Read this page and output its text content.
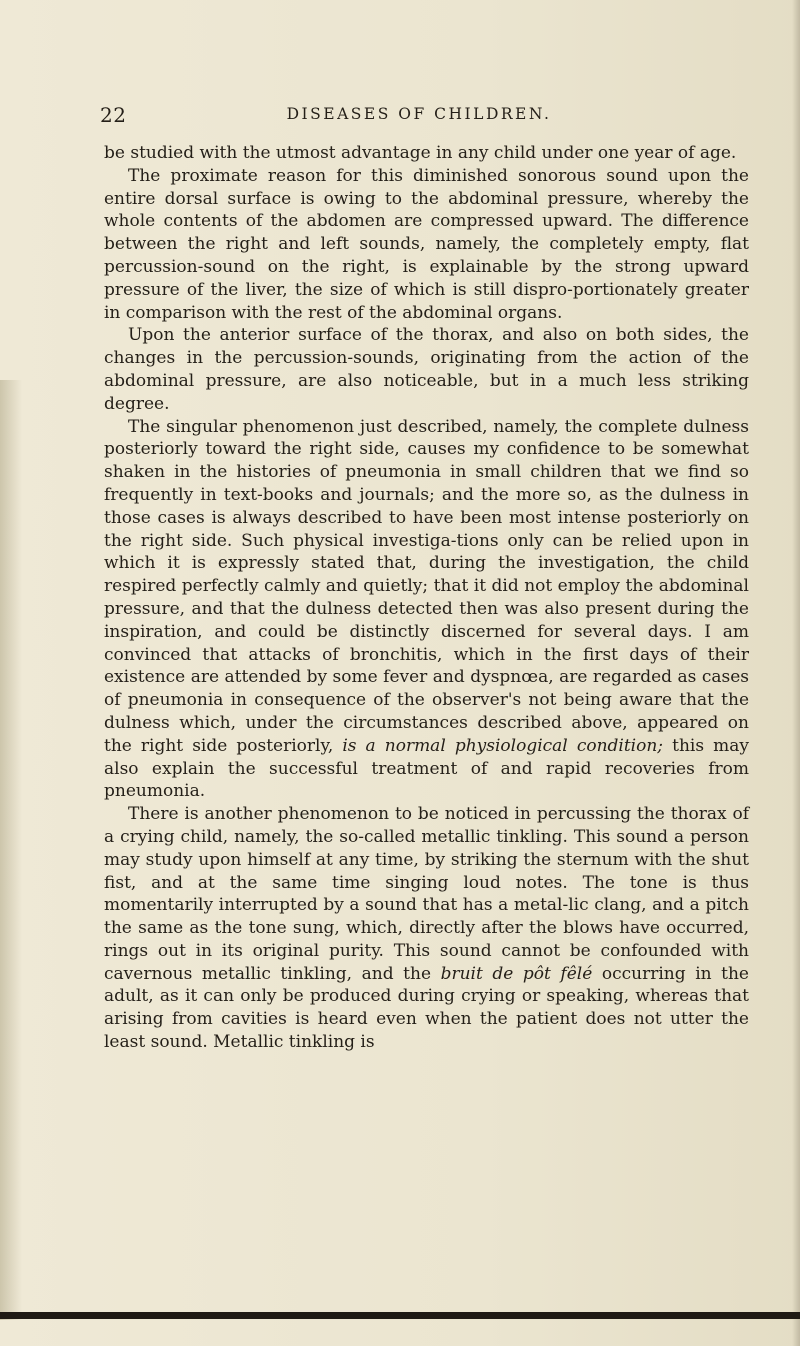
22	DISEASES OF CHILDREN.

be studied with the utmost advantage in any child under one year of age.

The proximate reason for this diminished sonorous sound upon the entire dorsal surface is owing to the abdominal pressure, whereby the whole contents of the abdomen are compressed upward. The difference between the right and left sounds, namely, the completely empty, flat percussion-sound on the right, is explainable by the strong upward pressure of the liver, the size of which is still dispro-portionately greater in comparison with the rest of the abdominal organs.

Upon the anterior surface of the thorax, and also on both sides, the changes in the percussion-sounds, originating from the action of the abdominal pressure, are also noticeable, but in a much less striking degree.

The singular phenomenon just described, namely, the complete dulness posteriorly toward the right side, causes my confidence to be somewhat shaken in the histories of pneumonia in small children that we find so frequently in text-books and journals; and the more so, as the dulness in those cases is always described to have been most intense posteriorly on the right side. Such physical investiga-tions only can be relied upon in which it is expressly stated that, during the investigation, the child respired perfectly calmly and quietly; that it did not employ the abdominal pressure, and that the dulness detected then was also present during the inspiration, and could be distinctly discerned for several days. I am convinced that attacks of bronchitis, which in the first days of their existence are attended by some fever and dyspnœa, are regarded as cases of pneumonia in consequence of the observer's not being aware that the dulness which, under the circumstances described above, appeared on the right side posteriorly, is a normal physiological condition; this may also explain the successful treatment of and rapid recoveries from pneumonia.

There is another phenomenon to be noticed in percussing the thorax of a crying child, namely, the so-called metallic tinkling. This sound a person may study upon himself at any time, by striking the sternum with the shut fist, and at the same time singing loud notes. The tone is thus momentarily interrupted by a sound that has a metal-lic clang, and a pitch the same as the tone sung, which, directly after the blows have occurred, rings out in its original purity. This sound cannot be confounded with cavernous metallic tinkling, and the bruit de pôt fêlé occurring in the adult, as it can only be produced during crying or speaking, whereas that arising from cavities is heard even when the patient does not utter the least sound. Metallic tinkling is
